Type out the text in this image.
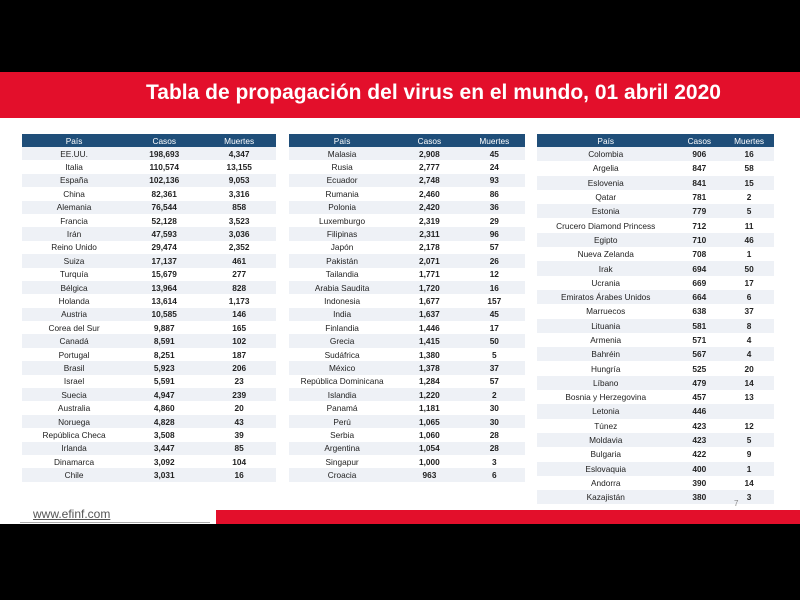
Tabla de propagación del virus en el mundo, 01 abril 2020
País	Casos	Muertes
EE.UU.	198,693	4,347
Italia	110,574	13,155
España	102,136	9,053
China	82,361	3,316
Alemania	76,544	858
Francia	52,128	3,523
Irán	47,593	3,036
Reino Unido	29,474	2,352
Suiza	17,137	461
Turquía	15,679	277
Bélgica	13,964	828
Holanda	13,614	1,173
Austria	10,585	146
Corea del Sur	9,887	165
Canadá	8,591	102
Portugal	8,251	187
Brasil	5,923	206
Israel	5,591	23
Suecia	4,947	239
Australia	4,860	20
Noruega	4,828	43
República Checa	3,508	39
Irlanda	3,447	85
Dinamarca	3,092	104
Chile	3,031	16
País	Casos	Muertes
Malasia	2,908	45
Rusia	2,777	24
Ecuador	2,748	93
Rumania	2,460	86
Polonia	2,420	36
Luxemburgo	2,319	29
Filipinas	2,311	96
Japón	2,178	57
Pakistán	2,071	26
Tailandia	1,771	12
Arabia Saudita	1,720	16
Indonesia	1,677	157
India	1,637	45
Finlandia	1,446	17
Grecia	1,415	50
Sudáfrica	1,380	5
México	1,378	37
República Dominicana	1,284	57
Islandia	1,220	2
Panamá	1,181	30
Perú	1,065	30
Serbia	1,060	28
Argentina	1,054	28
Singapur	1,000	3
Croacia	963	6
País	Casos	Muertes
Colombia	906	16
Argelia	847	58
Eslovenia	841	15
Qatar	781	2
Estonia	779	5
Crucero Diamond Princess	712	11
Egipto	710	46
Nueva Zelanda	708	1
Irak	694	50
Ucrania	669	17
Emiratos Árabes Unidos	664	6
Marruecos	638	37
Lituania	581	8
Armenia	571	4
Bahréin	567	4
Hungría	525	20
Líbano	479	14
Bosnia y Herzegovina	457	13
Letonia	446	
Túnez	423	12
Moldavia	423	5
Bulgaria	422	9
Eslovaquia	400	1
Andorra	390	14
Kazajistán	380	3
www.efinf.com
7
